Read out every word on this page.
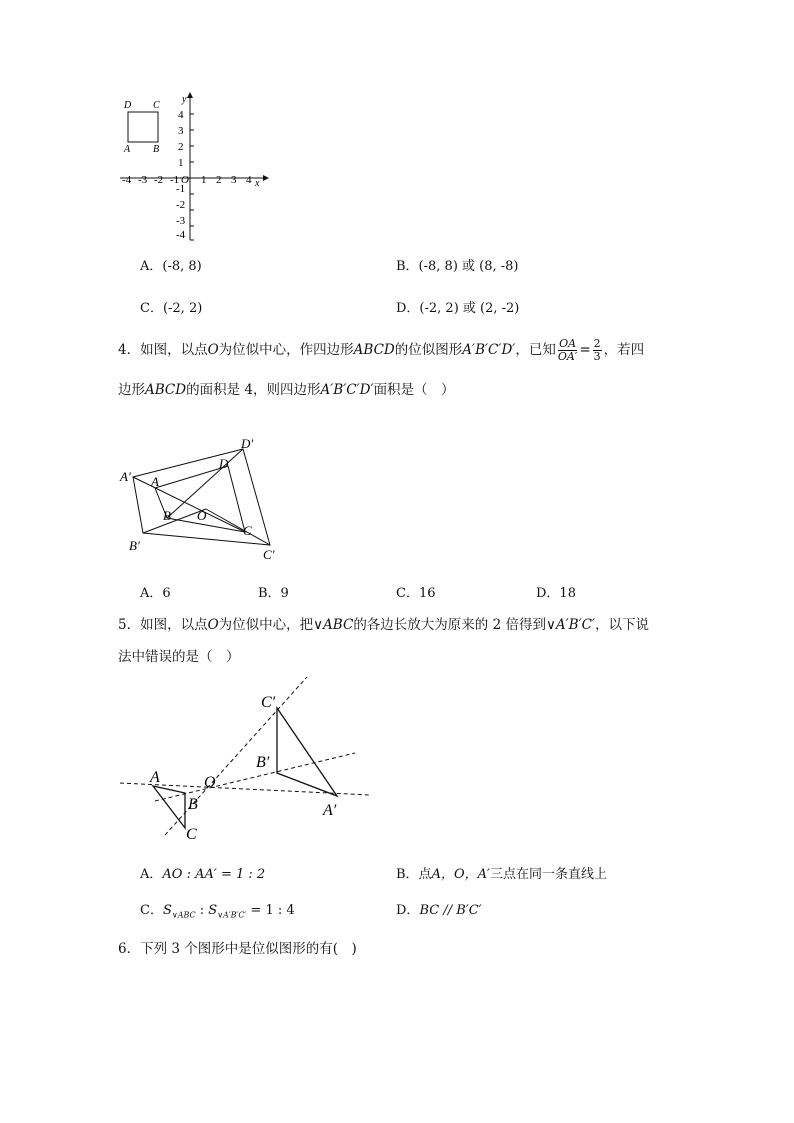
D C
A B
y
x
4
3
2
1
-1
-2
-3
-4
-4 -3 -2 -1 O 1 2 3 4
A．(-8, 8)	B．(-8, 8) 或 (8, -8)
C．(-2, 2)	D．(-2, 2) 或 (2, -2)
4．如图，以点O为位似中心，作四边形ABCD的位似图形A′B′C′D′，已知 $\frac{OA}{OA'} = \frac{2}{3}$ ，若四
边形ABCD的面积是 4，则四边形A′B′C′D′面积是（　）
D′
A′
D
A
O
B
C
B′
C′
A．6	B．9	C．16	D．18
5．如图，以点O为位似中心，把∨ABC的各边长放大为原来的 2 倍得到∨A′B′C′，以下说
法中错误的是（　）
C′
B′
A	O
B	A′
C
A．AO : AA′ = 1 : 2	B．点A，O，A′三点在同一条直线上
C．$S_{\vee ABC}$ : $S_{\vee A'B'C'} = 1$ : 4	D．BC // B′C′
6．下列 3 个图形中是位似图形的有(　)
